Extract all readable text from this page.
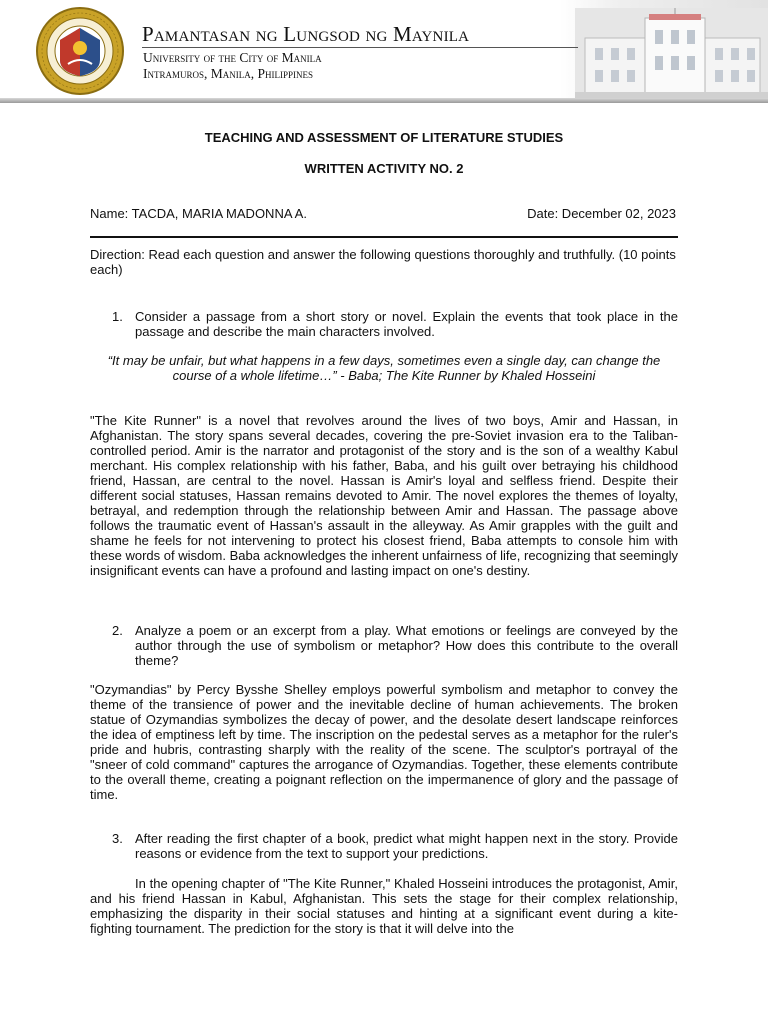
Pamantasan ng Lungsod ng Maynila
University of the City of Manila
Intramuros, Manila, Philippines
TEACHING AND ASSESSMENT OF LITERATURE STUDIES
WRITTEN ACTIVITY NO. 2
Name: TACDA, MARIA MADONNA A.	Date: December 02, 2023

Direction: Read each question and answer the following questions thoroughly and truthfully. (10 points each)

1. Consider a passage from a short story or novel. Explain the events that took place in the passage and describe the main characters involved.
“It may be unfair, but what happens in a few days, sometimes even a single day, can change the
course of a whole lifetime…” - Baba; The Kite Runner by Khaled Hosseini

"The Kite Runner" is a novel that revolves around the lives of two boys, Amir and Hassan, in Afghanistan. The story spans several decades, covering the pre-Soviet invasion era to the Taliban-controlled period. Amir is the narrator and protagonist of the story and is the son of a wealthy Kabul merchant. His complex relationship with his father, Baba, and his guilt over betraying his childhood friend, Hassan, are central to the novel. Hassan is Amir's loyal and selfless friend. Despite their different social statuses, Hassan remains devoted to Amir. The novel explores the themes of loyalty, betrayal, and redemption through the relationship between Amir and Hassan. The passage above follows the traumatic event of Hassan's assault in the alleyway. As Amir grapples with the guilt and shame he feels for not intervening to protect his closest friend, Baba attempts to console him with these words of wisdom. Baba acknowledges the inherent unfairness of life, recognizing that seemingly insignificant events can have a profound and lasting impact on one's destiny.

2. Analyze a poem or an excerpt from a play. What emotions or feelings are conveyed by the author through the use of symbolism or metaphor? How does this contribute to the overall theme?

"Ozymandias" by Percy Bysshe Shelley employs powerful symbolism and metaphor to convey the theme of the transience of power and the inevitable decline of human achievements. The broken statue of Ozymandias symbolizes the decay of power, and the desolate desert landscape reinforces the idea of emptiness left by time. The inscription on the pedestal serves as a metaphor for the ruler's pride and hubris, contrasting sharply with the reality of the scene. The sculptor's portrayal of the "sneer of cold command" captures the arrogance of Ozymandias. Together, these elements contribute to the overall theme, creating a poignant reflection on the impermanence of glory and the passage of time.

3. After reading the first chapter of a book, predict what might happen next in the story. Provide reasons or evidence from the text to support your predictions.

In the opening chapter of "The Kite Runner," Khaled Hosseini introduces the protagonist, Amir, and his friend Hassan in Kabul, Afghanistan. This sets the stage for their complex relationship, emphasizing the disparity in their social statuses and hinting at a significant event during a kite-fighting tournament. The prediction for the story is that it will delve into the
